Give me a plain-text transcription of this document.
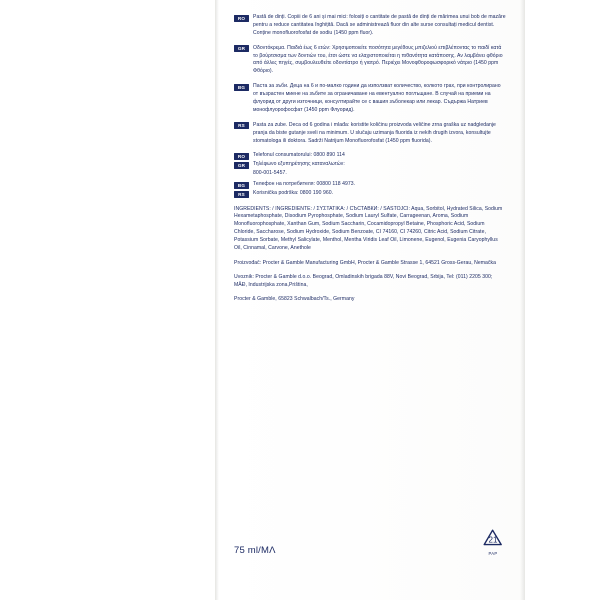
RO	Pastă de dinți. Copiii de 6 ani și mai mici: folosiți o cantitate de pastă de dinți de mărimea unui bob de mazăre pentru a reduce cantitatea înghițită. Dacă se administrează fluor din alte surse consultați medicul dentist. Conține monofluorofosfat de sodiu (1450 ppm fluor).
GR	Οδοντόκρεμα. Παιδιά έως 6 ετών: Χρησιμοποιείτε ποσότητα μεγέθους μπιζελιού επιβλέποντας το παιδί κατά το βούρτσισμα των δοντιών του, έτσι ώστε να ελαχιστοποιείται η πιθανότητα κατάποσης. Αν λαμβάνει φθόριο από άλλες πηγές, συμβουλευθείτε οδοντίατρο ή γιατρό. Περιέχει Μονοφθοροφωσφορικό νάτριο (1450 ppm Φθόριο).
BG	Паста за зъби. Деца на 6 и по-малко години да използват количество, колкото грах, при контролирано от възрастен миене на зъбите за ограничаване на евентуално поглъщане. В случай на приеми на флуорид от други източници, консултирайте се с вашия зъболекар или лекар. Съдържа Натриев монофлуорофосфат (1450 ppm Флуорид).
RS	Pasta za zube. Deca od 6 godina i mlađa: koristite količinu proizvoda veličine zrna graška uz nadgledanje pranja da biste gutanje sveli na minimum. U slučaju uzimanja fluorida iz nekih drugih izvora, konsultujte stomatologa ili doktora. Sadrži Natrijum Monofluorofosfat (1450 ppm fluorida).
RO	Telefonul consumatorului: 0800 890 114
GR	Τηλέφωνο εξυπηρέτησης καταναλωτών:
800-001-5457.
BG	Телефон на потребителя: 00800 118 4973.
RS	Korisnička podrška: 0800 190 960.
INGREDIENTS: / INGREDIENTE: / ΣΥΣΤΑΤΙΚΑ: / СЪСТАВКИ: / SASTOJCI: Aqua, Sorbitol, Hydrated Silica, Sodium Hexametaphosphate, Disodium Pyrophosphate, Sodium Lauryl Sulfate, Carrageenan, Aroma, Sodium Monofluorophosphate, Xanthan Gum, Sodium Saccharin, Cocamidopropyl Betaine, Phosphoric Acid, Sodium Chloride, Saccharose, Sodium Hydroxide, Sodium Benzoate, CI 74160, CI 74260, Citric Acid, Sodium Citrate, Potassium Sorbate, Methyl Salicylate, Menthol, Mentha Viridis Leaf Oil, Limonene, Eugenol, Eugenia Caryophyllus Oil, Cinnamal, Carvone, Anethole
Proizvođač: Procter & Gamble Manufacturing GmbH, Procter & Gamble Strasse 1, 64521 Gross-Gerau, Nemačka
Uvoznik: Procter & Gamble d.o.o. Beograd, Omladinskih brigada 88V, Novi Beograd, Srbija, Tel: (011) 2205 300; MĂĐ, Industrijska zona,Priština,
Procter & Gamble, 65823 Schwalbach/Ts., Germany
75 ml/MΛ
21
PAP
